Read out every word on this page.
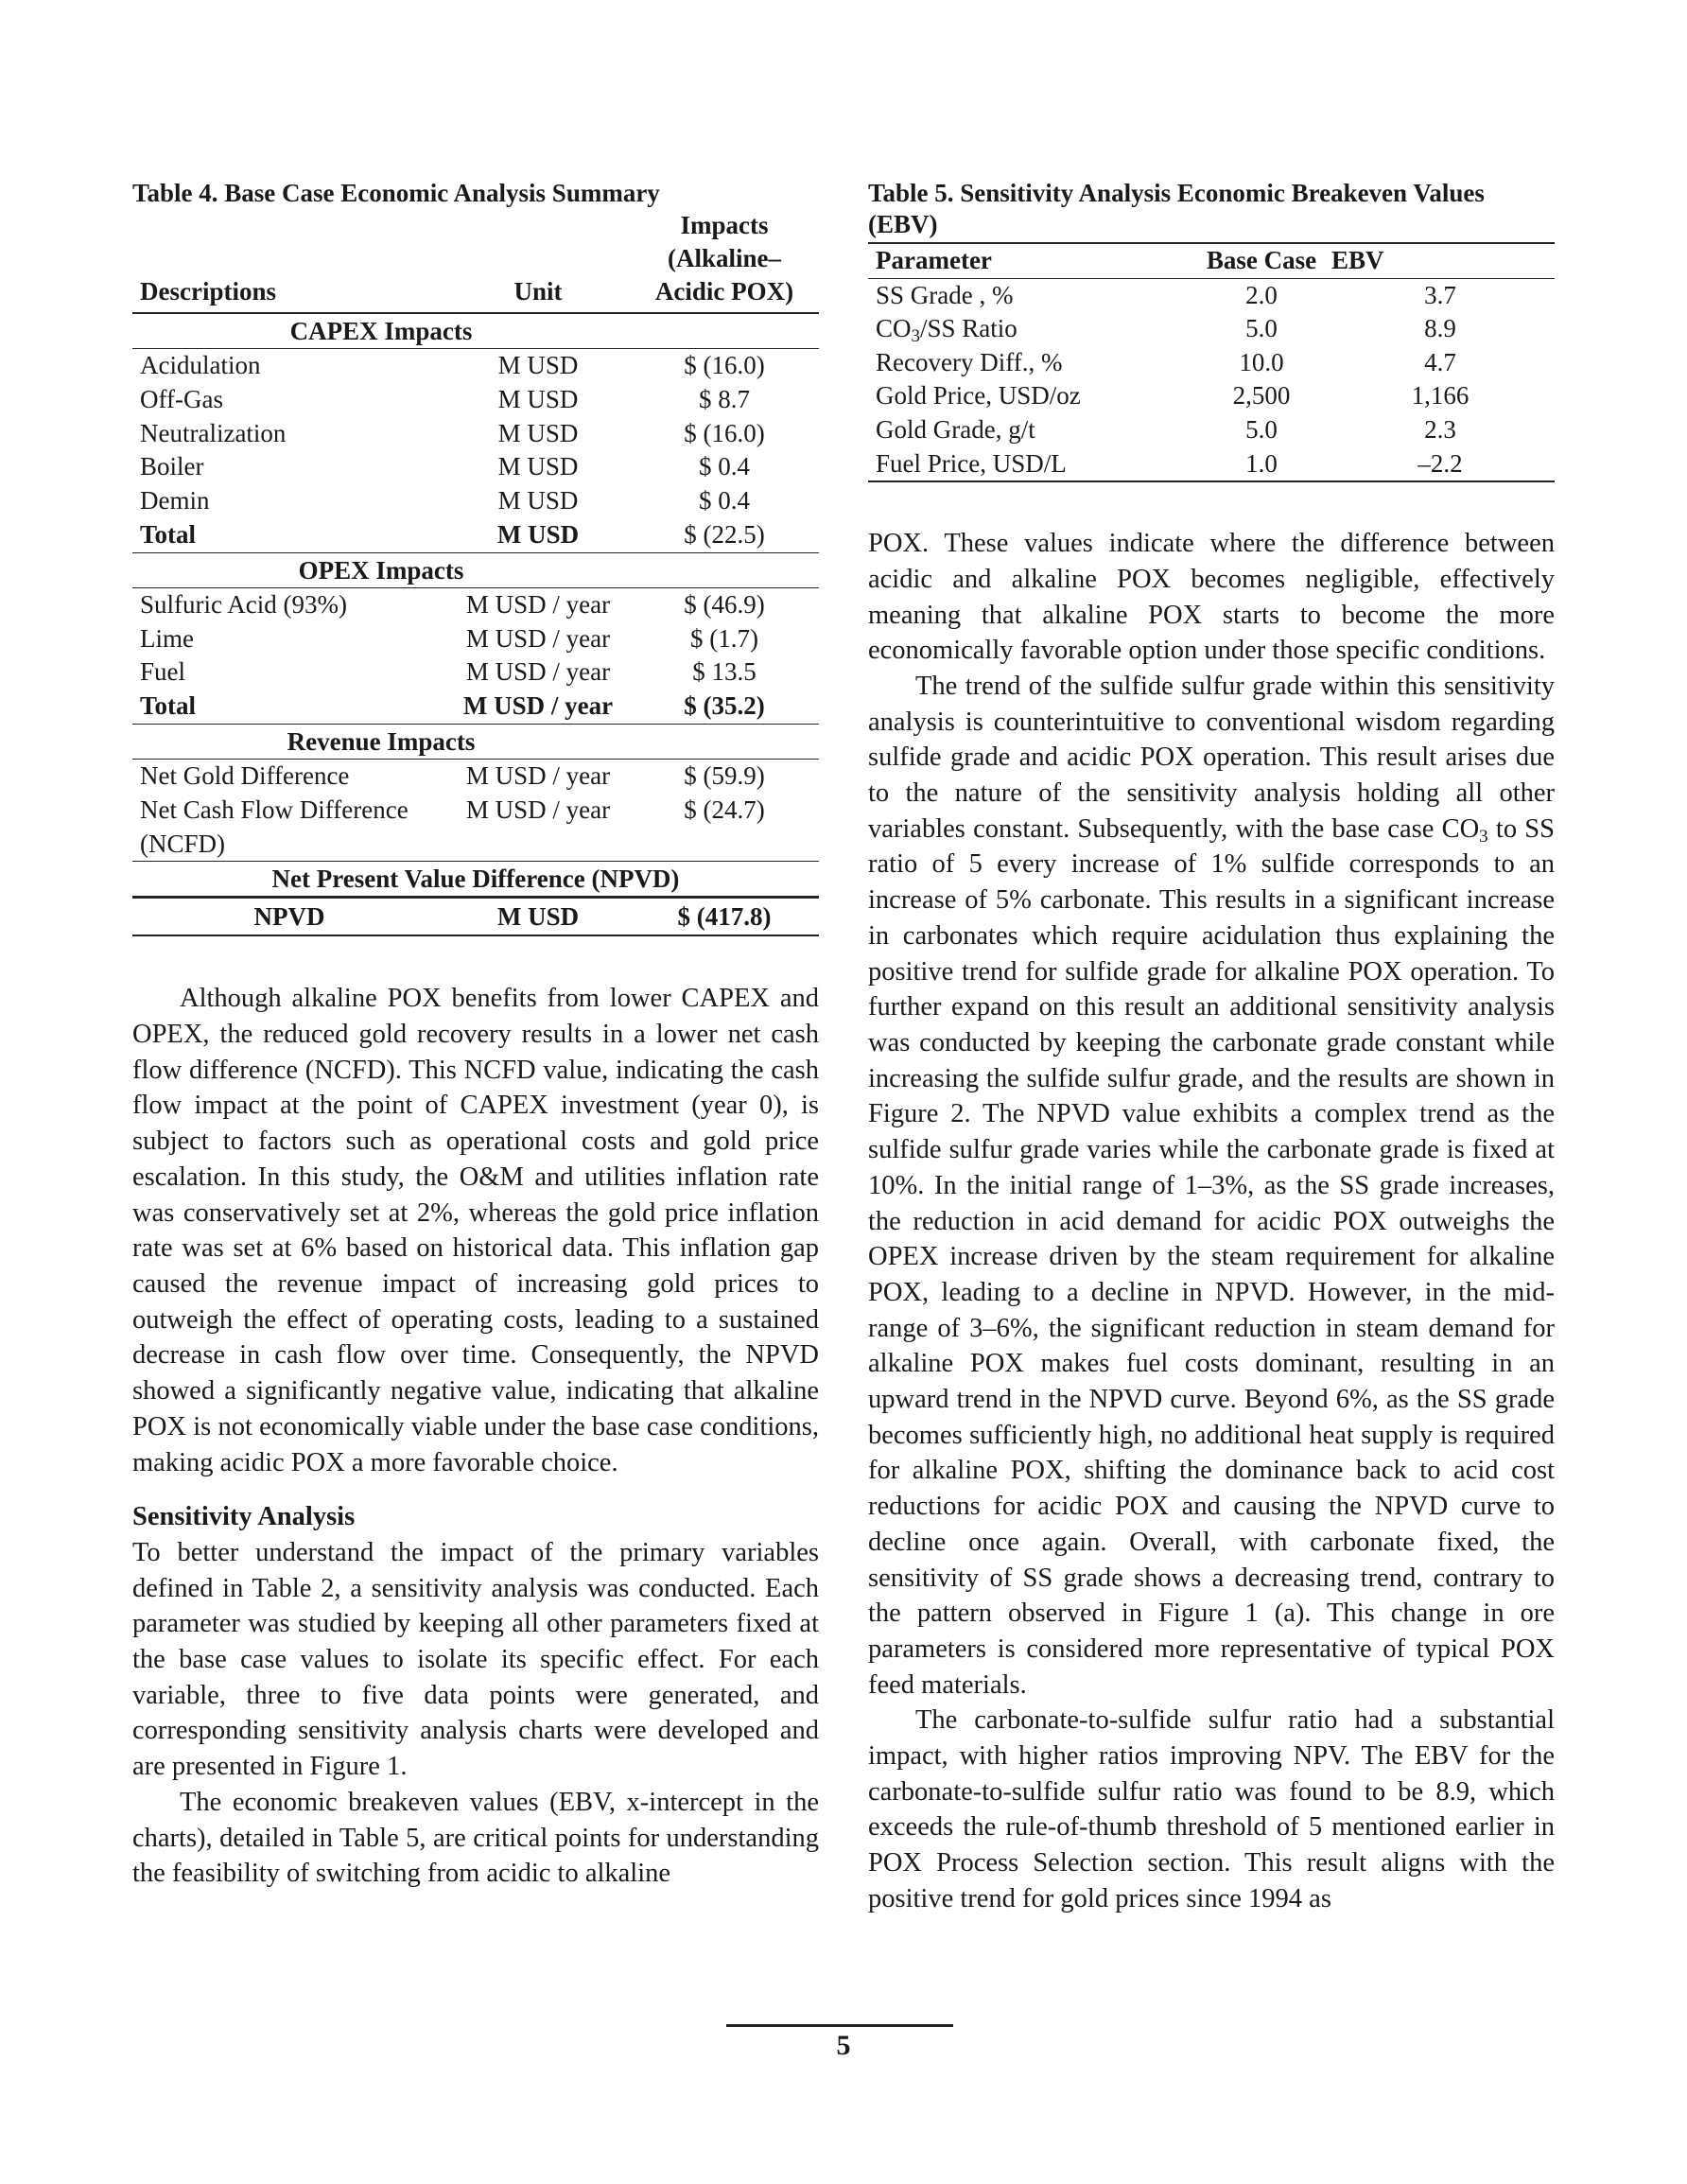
Table 4. Base Case Economic Analysis Summary

Descriptions	Unit	Impacts
(Alkaline–
Acidic POX)

CAPEX Impacts		
Acidulation	M USD	$ (16.0)
Off-Gas	M USD	$ 8.7
Neutralization	M USD	$ (16.0)
Boiler	M USD	$ 0.4
Demin	M USD	$ 0.4
Total	M USD	$ (22.5)
OPEX Impacts		
Sulfuric Acid (93%)	M USD / year	$ (46.9)
Lime	M USD / year	$ (1.7)
Fuel	M USD / year	$ 13.5
Total	M USD / year	$ (35.2)
Revenue Impacts		
Net Gold Difference	M USD / year	$ (59.9)

Net Cash Flow Difference
(NCFD)	M USD / year	$ (24.7)
Net Present Value Difference (NPVD)		
NPVD	M USD	$ (417.8)

Although alkaline POX benefits from lower CAPEX and OPEX, the reduced gold recovery results in a lower net cash flow difference (NCFD). This NCFD value, indicating the cash flow impact at the point of CAPEX investment (year 0), is subject to factors such as operational costs and gold price escalation. In this study, the O&M and utilities inflation rate was conservatively set at 2%, whereas the gold price inflation rate was set at 6% based on historical data. This inflation gap caused the revenue impact of increasing gold prices to outweigh the effect of operating costs, leading to a sustained decrease in cash flow over time. Consequently, the NPVD showed a significantly negative value, indicating that alkaline POX is not economically viable under the base case conditions, making acidic POX a more favorable choice.

Sensitivity Analysis

To better understand the impact of the primary variables defined in Table 2, a sensitivity analysis was conducted. Each parameter was studied by keeping all other parameters fixed at the base case values to isolate its specific effect. For each variable, three to five data points were generated, and corresponding sensitivity analysis charts were developed and are presented in Figure 1.

The economic breakeven values (EBV, x-intercept in the charts), detailed in Table 5, are critical points for understanding the feasibility of switching from acidic to alkaline

Table 5. Sensitivity Analysis Economic Breakeven Values

(EBV)

Parameter	Base Case	EBV
SS Grade , %	2.0	3.7
$CO_3/SS$ Ratio	5.0	8.9
Recovery Diff., %	10.0	4.7
Gold Price, USD/oz	2,500	1,166
Gold Grade, g/t	5.0	2.3
Fuel Price, USD/L	1.0	–2.2

POX. These values indicate where the difference between acidic and alkaline POX becomes negligible, effectively meaning that alkaline POX starts to become the more economically favorable option under those specific conditions.

The trend of the sulfide sulfur grade within this sensitivity analysis is counterintuitive to conventional wisdom regarding sulfide grade and acidic POX operation. This result arises due to the nature of the sensitivity analysis holding all other variables constant. Subsequently, with the base case $CO_3$ to SS ratio of 5 every increase of 1% sulfide corresponds to an increase of 5% carbonate. This results in a significant increase in carbonates which require acidulation thus explaining the positive trend for sulfide grade for alkaline POX operation. To further expand on this result an additional sensitivity analysis was conducted by keeping the carbonate grade constant while increasing the sulfide sulfur grade, and the results are shown in Figure 2. The NPVD value exhibits a complex trend as the sulfide sulfur grade varies while the carbonate grade is fixed at 10%. In the initial range of 1–3%, as the SS grade increases, the reduction in acid demand for acidic POX outweighs the OPEX increase driven by the steam requirement for alkaline POX, leading to a decline in NPVD. However, in the mid-range of 3–6%, the significant reduction in steam demand for alkaline POX makes fuel costs dominant, resulting in an upward trend in the NPVD curve. Beyond 6%, as the SS grade becomes sufficiently high, no additional heat supply is required for alkaline POX, shifting the dominance back to acid cost reductions for acidic POX and causing the NPVD curve to decline once again. Overall, with carbonate fixed, the sensitivity of SS grade shows a decreasing trend, contrary to the pattern observed in Figure 1 (a). This change in ore parameters is considered more representative of typical POX feed materials.

The carbonate-to-sulfide sulfur ratio had a substantial impact, with higher ratios improving NPV. The EBV for the carbonate-to-sulfide sulfur ratio was found to be 8.9, which exceeds the rule-of-thumb threshold of 5 mentioned earlier in POX Process Selection section. This result aligns with the positive trend for gold prices since 1994 as

5
